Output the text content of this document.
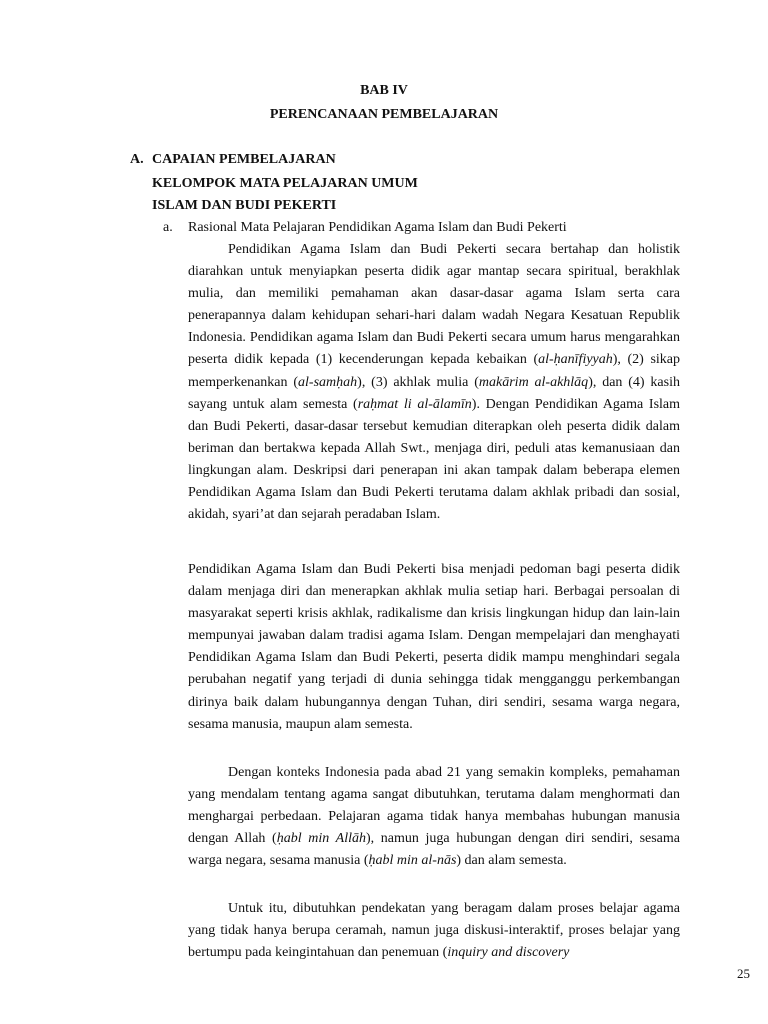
BAB IV
PERENCANAAN PEMBELAJARAN
A. CAPAIAN PEMBELAJARAN
KELOMPOK MATA PELAJARAN UMUM
ISLAM DAN BUDI PEKERTI
a. Rasional Mata Pelajaran Pendidikan Agama Islam dan Budi Pekerti

Pendidikan Agama Islam dan Budi Pekerti secara bertahap dan holistik diarahkan untuk menyiapkan peserta didik agar mantap secara spiritual, berakhlak mulia, dan memiliki pemahaman akan dasar-dasar agama Islam serta cara penerapannya dalam kehidupan sehari-hari dalam wadah Negara Kesatuan Republik Indonesia. Pendidikan agama Islam dan Budi Pekerti secara umum harus mengarahkan peserta didik kepada (1) kecenderungan kepada kebaikan (al-ḥanīfiyyah), (2) sikap memperkenankan (al-samḥah), (3) akhlak mulia (makārim al-akhlāq), dan (4) kasih sayang untuk alam semesta (raḥmat li al-ālamīn). Dengan Pendidikan Agama Islam dan Budi Pekerti, dasar-dasar tersebut kemudian diterapkan oleh peserta didik dalam beriman dan bertakwa kepada Allah Swt., menjaga diri, peduli atas kemanusiaan dan lingkungan alam. Deskripsi dari penerapan ini akan tampak dalam beberapa elemen Pendidikan Agama Islam dan Budi Pekerti terutama dalam akhlak pribadi dan sosial, akidah, syari’at dan sejarah peradaban Islam.

Pendidikan Agama Islam dan Budi Pekerti bisa menjadi pedoman bagi peserta didik dalam menjaga diri dan menerapkan akhlak mulia setiap hari. Berbagai persoalan di masyarakat seperti krisis akhlak, radikalisme dan krisis lingkungan hidup dan lain-lain mempunyai jawaban dalam tradisi agama Islam. Dengan mempelajari dan menghayati Pendidikan Agama Islam dan Budi Pekerti, peserta didik mampu menghindari segala perubahan negatif yang terjadi di dunia sehingga tidak mengganggu perkembangan dirinya baik dalam hubungannya dengan Tuhan, diri sendiri, sesama warga negara, sesama manusia, maupun alam semesta.

Dengan konteks Indonesia pada abad 21 yang semakin kompleks, pemahaman yang mendalam tentang agama sangat dibutuhkan, terutama dalam menghormati dan menghargai perbedaan. Pelajaran agama tidak hanya membahas hubungan manusia dengan Allah (ḥabl min Allāh), namun juga hubungan dengan diri sendiri, sesama warga negara, sesama manusia (ḥabl min al-nās) dan alam semesta.

Untuk itu, dibutuhkan pendekatan yang beragam dalam proses belajar agama yang tidak hanya berupa ceramah, namun juga diskusi-interaktif, proses belajar yang bertumpu pada keingintahuan dan penemuan (inquiry and discovery

25
